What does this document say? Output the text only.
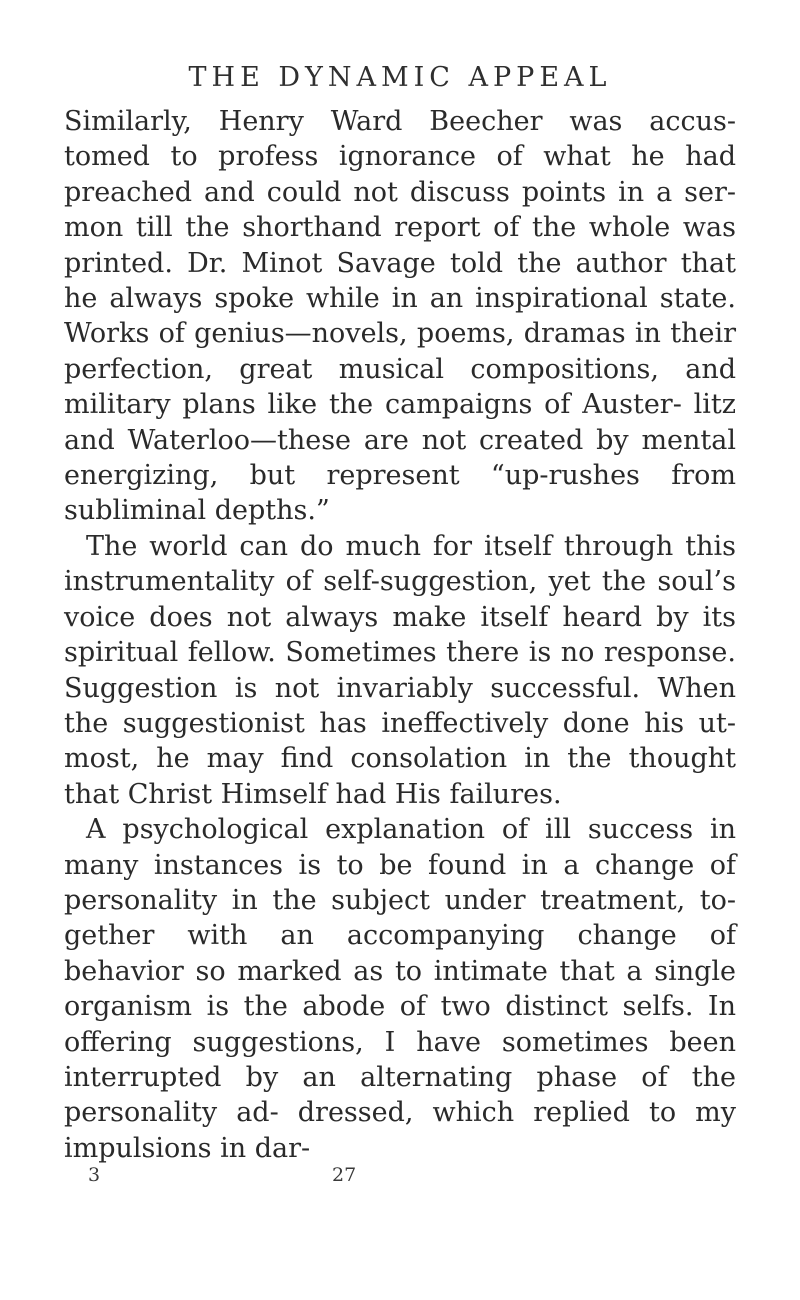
THE DYNAMIC APPEAL

Similarly, Henry Ward Beecher was accus- tomed to profess ignorance of what he had preached and could not discuss points in a ser- mon till the shorthand report of the whole was printed. Dr. Minot Savage told the author that he always spoke while in an inspirational state. Works of genius—novels, poems, dramas in their perfection, great musical compositions, and military plans like the campaigns of Auster- litz and Waterloo—these are not created by mental energizing, but represent “up-rushes from subliminal depths.”

The world can do much for itself through this instrumentality of self-suggestion, yet the soul’s voice does not always make itself heard by its spiritual fellow. Sometimes there is no response. Suggestion is not invariably successful. When the suggestionist has ineffectively done his ut- most, he may find consolation in the thought that Christ Himself had His failures.

A psychological explanation of ill success in many instances is to be found in a change of personality in the subject under treatment, to- gether with an accompanying change of behavior so marked as to intimate that a single organism is the abode of two distinct selfs. In offering suggestions, I have sometimes been interrupted by an alternating phase of the personality ad- dressed, which replied to my impulsions in dar-

3	27
